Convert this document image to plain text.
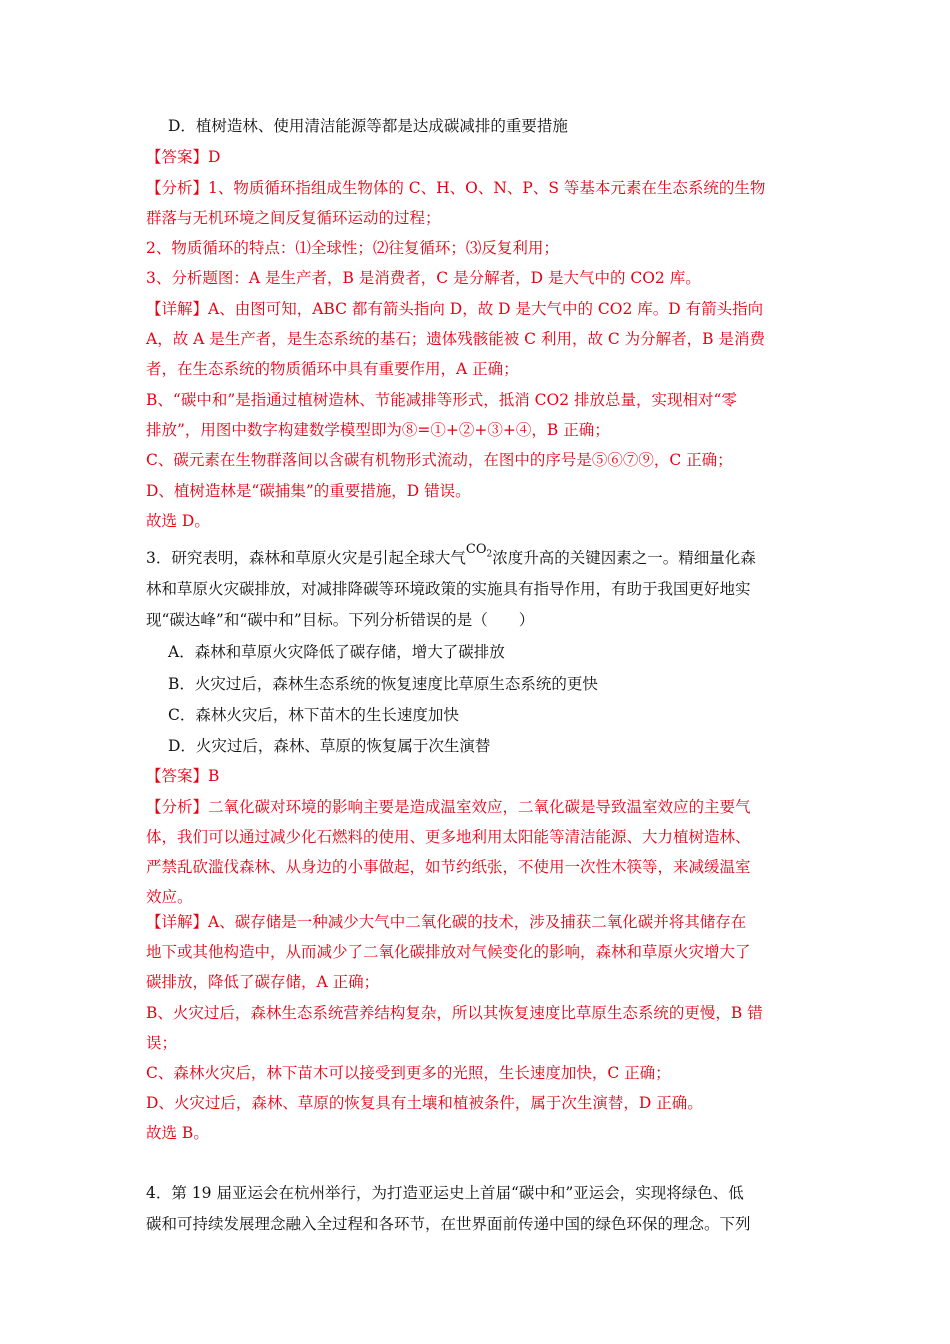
D．植树造林、使用清洁能源等都是达成碳减排的重要措施
【答案】D
【分析】1、物质循环指组成生物体的 C、H、O、N、P、S 等基本元素在生态系统的生物
群落与无机环境之间反复循环运动的过程；
2、物质循环的特点：⑴全球性；⑵往复循环；⑶反复利用；
3、分析题图：A 是生产者，B 是消费者，C 是分解者，D 是大气中的 CO2 库。
【详解】A、由图可知，ABC 都有箭头指向 D，故 D 是大气中的 CO2 库。D 有箭头指向
A，故 A 是生产者，是生态系统的基石；遗体残骸能被 C 利用，故 C 为分解者，B 是消费
者，在生态系统的物质循环中具有重要作用，A 正确；
B、“碳中和”是指通过植树造林、节能减排等形式，抵消 CO2 排放总量，实现相对“零
排放”，用图中数字构建数学模型即为⑧=①+②+③+④，B 正确；
C、碳元素在生物群落间以含碳有机物形式流动，在图中的序号是⑤⑥⑦⑨，C 正确；
D、植树造林是“碳捕集”的重要措施，D 错误。
故选 D。
3．研究表明，森林和草原火灾是引起全球大气$^{CO_2}$浓度升高的关键因素之一。精细量化森
林和草原火灾碳排放，对减排降碳等环境政策的实施具有指导作用，有助于我国更好地实
现“碳达峰”和“碳中和”目标。下列分析错误的是（　　）
A．森林和草原火灾降低了碳存储，增大了碳排放
B．火灾过后，森林生态系统的恢复速度比草原生态系统的更快
C．森林火灾后，林下苗木的生长速度加快
D．火灾过后，森林、草原的恢复属于次生演替
【答案】B
【分析】二氧化碳对环境的影响主要是造成温室效应，二氧化碳是导致温室效应的主要气
体，我们可以通过减少化石燃料的使用、更多地利用太阳能等清洁能源、大力植树造林、
严禁乱砍滥伐森林、从身边的小事做起，如节约纸张，不使用一次性木筷等，来减缓温室
效应。
【详解】A、碳存储是一种减少大气中二氧化碳的技术，涉及捕获二氧化碳并将其储存在
地下或其他构造中，从而减少了二氧化碳排放对气候变化的影响，森林和草原火灾增大了
碳排放，降低了碳存储，A 正确；
B、火灾过后，森林生态系统营养结构复杂，所以其恢复速度比草原生态系统的更慢，B 错
误；
C、森林火灾后，林下苗木可以接受到更多的光照，生长速度加快，C 正确；
D、火灾过后，森林、草原的恢复具有土壤和植被条件，属于次生演替，D 正确。
故选 B。
4．第 19 届亚运会在杭州举行，为打造亚运史上首届“碳中和”亚运会，实现将绿色、低
碳和可持续发展理念融入全过程和各环节，在世界面前传递中国的绿色环保的理念。下列
